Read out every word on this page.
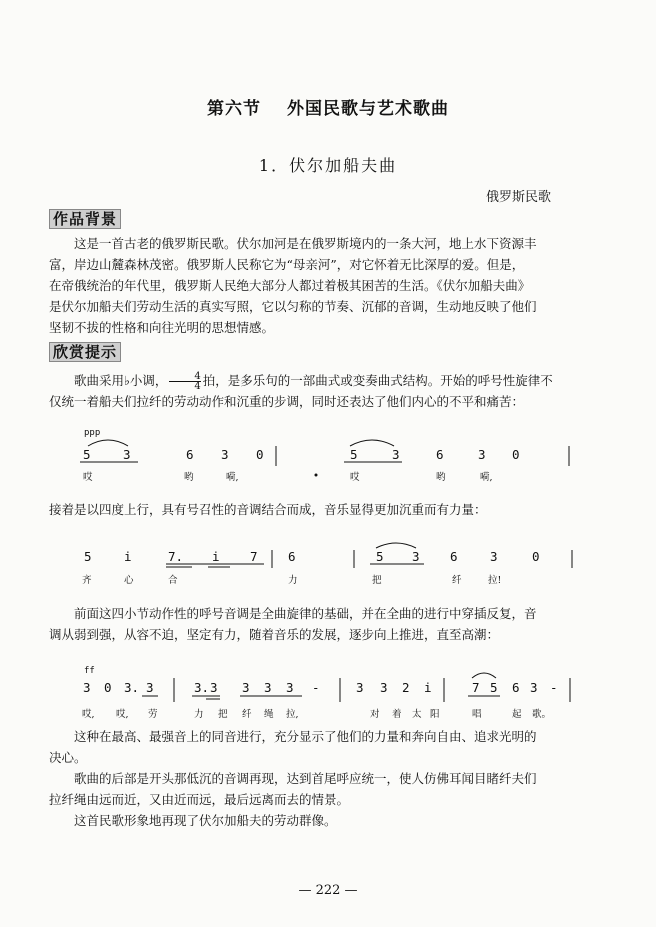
第六节 外国民歌与艺术歌曲
1．伏尔加船夫曲
俄罗斯民歌
作品背景

这是一首古老的俄罗斯民歌。伏尔加河是在俄罗斯境内的一条大河，地上水下资源丰

富，岸边山麓森林茂密。俄罗斯人民称它为“母亲河”，对它怀着无比深厚的爱。但是，

在帝俄统治的年代里，俄罗斯人民绝大部分人都过着极其困苦的生活。《伏尔加船夫曲》

是伏尔加船夫们劳动生活的真实写照，它以匀称的节奏、沉郁的音调，生动地反映了他们

坚韧不拔的性格和向往光明的思想情感。

欣赏提示

歌曲采用♭小调， $\frac{4}{4}$ 拍，是多乐句的一部曲式或变奏曲式结构。开始的呼号性旋律不

仅统一着船夫们拉纤的劳动动作和沉重的步调，同时还表达了他们内心的不平和痛苦：

ppp
5	3	6 3 0	5	3	6	3 0
哎	哟	嗬,	哎	哟	嗬,

接着是以四度上行，具有号召性的音调结合而成，音乐显得更加沉重而有力量：

5	i	7. i 7 6	5 3 6	3	0
齐	心	合	力	把	纤	拉!

前面这四小节动作性的呼号音调是全曲旋律的基础，并在全曲的进行中穿插反复，音

调从弱到强，从容不迫，坚定有力，随着音乐的发展，逐步向上推进，直至高潮：

ff
3 0 3. 3	3. 3 3 3 3 -	3 3 2 i	7 5 6 3 -
哎, 哎, 劳	力 把 纤 绳 拉,	对 着 太 阳	唱	起 歌。

这种在最高、最强音上的同音进行，充分显示了他们的力量和奔向自由、追求光明的

决心。

歌曲的后部是开头那低沉的音调再现，达到首尾呼应统一，使人仿佛耳闻目睹纤夫们

拉纤绳由远而近，又由近而远，最后远离而去的情景。

这首民歌形象地再现了伏尔加船夫的劳动群像。

— 222 —
